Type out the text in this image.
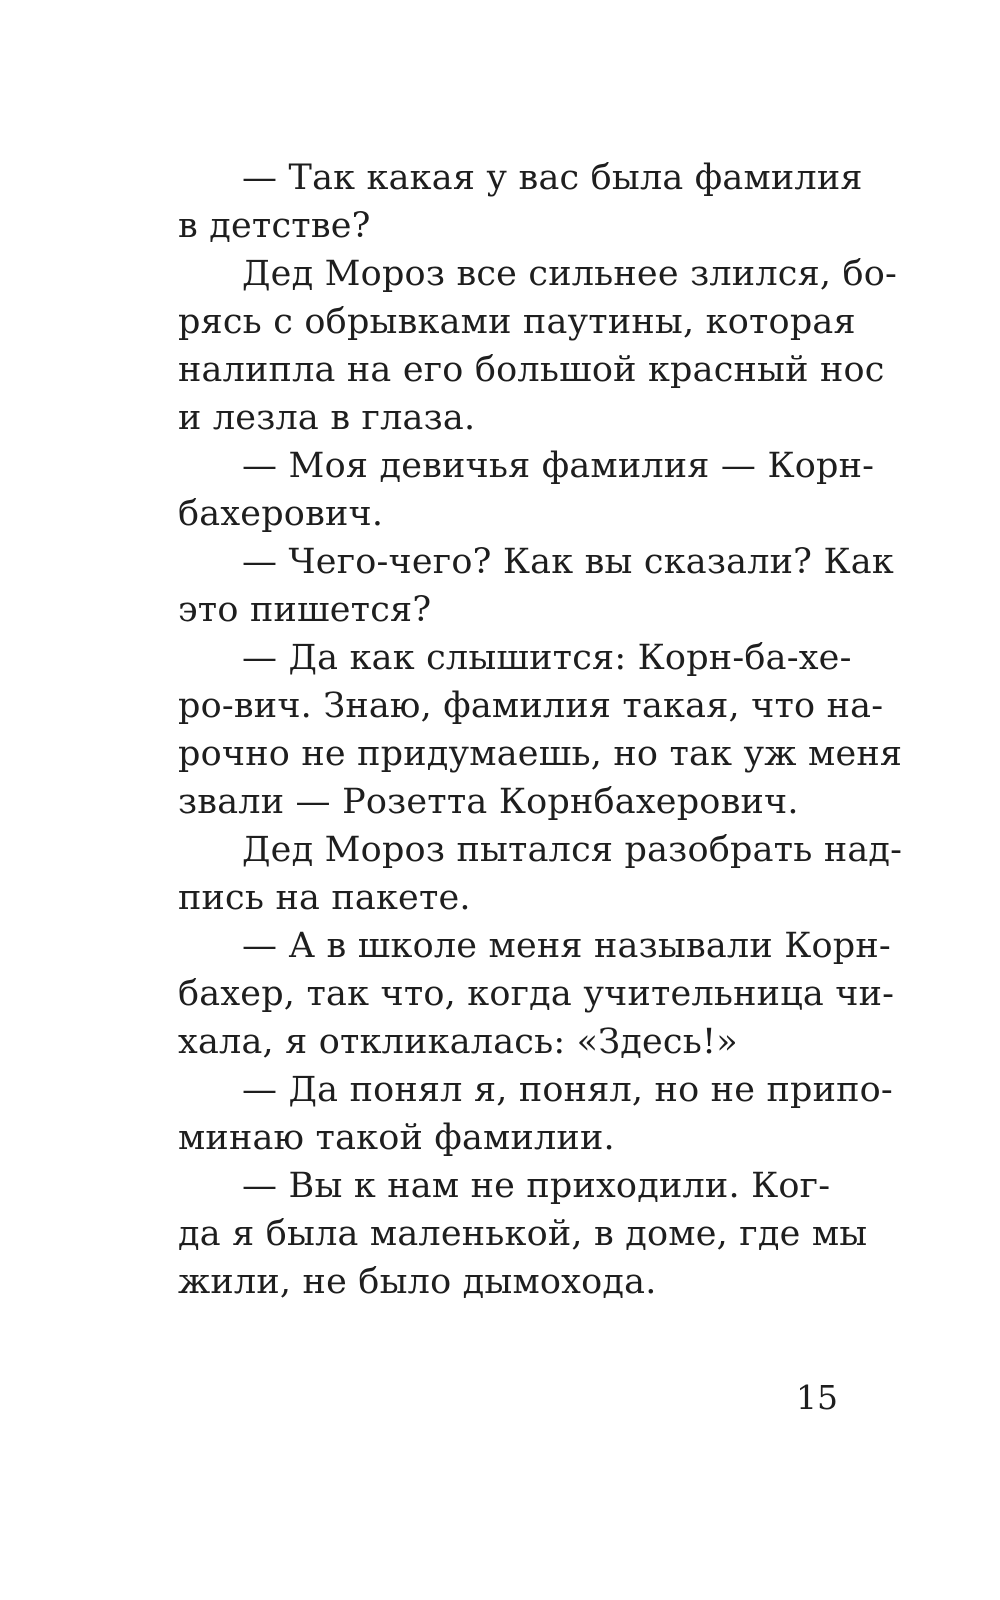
— Так какая у вас была фамилия
в детстве?
Дед Мороз все сильнее злился, бо-
рясь с обрывками паутины, которая
налипла на его большой красный нос
и лезла в глаза.
— Моя девичья фамилия — Корн-
бахерович.
— Чего-чего? Как вы сказали? Как
это пишется?
— Да как слышится: Корн-ба-хе-
ро-вич. Знаю, фамилия такая, что на-
рочно не придумаешь, но так уж меня
звали — Розетта Корнбахерович.
Дед Мороз пытался разобрать над-
пись на пакете.
— А в школе меня называли Корн-
бахер, так что, когда учительница чи-
хала, я откликалась: «Здесь!»
— Да понял я, понял, но не припо-
минаю такой фамилии.
— Вы к нам не приходили. Ког-
да я была маленькой, в доме, где мы
жили, не было дымохода.
15
